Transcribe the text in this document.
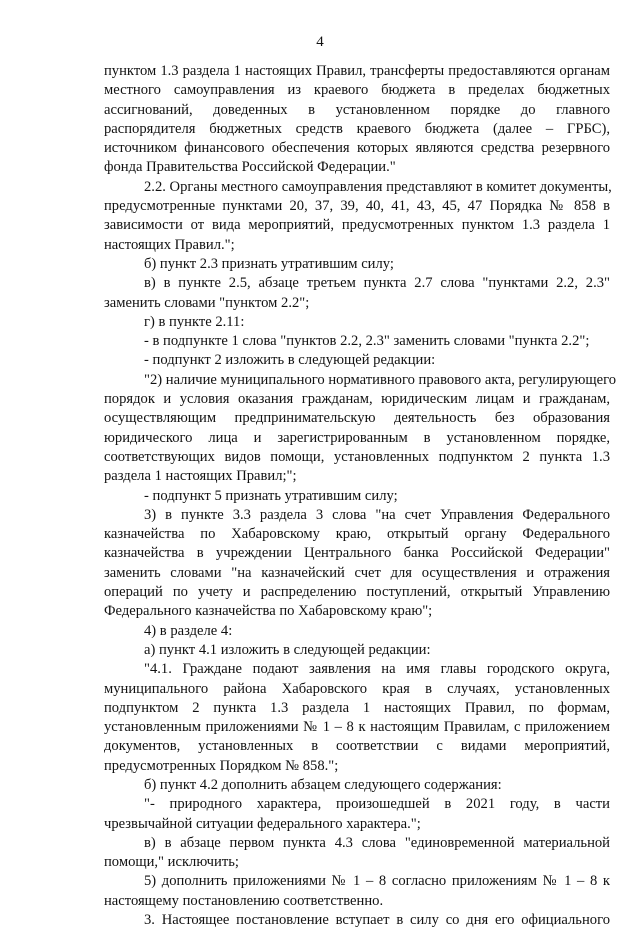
4
пунктом 1.3 раздела 1 настоящих Правил, трансферты предоставляются органам
местного самоуправления из краевого бюджета в пределах бюджетных
ассигнований, доведенных в установленном порядке до главного
распорядителя бюджетных средств краевого бюджета (далее – ГРБС),
источником финансового обеспечения которых являются средства резервного
фонда Правительства Российской Федерации."
2.2. Органы местного самоуправления представляют в комитет документы,
предусмотренные пунктами 20, 37, 39, 40, 41, 43, 45, 47 Порядка № 858 в
зависимости от вида мероприятий, предусмотренных пунктом 1.3 раздела 1
настоящих Правил.";
б) пункт 2.3 признать утратившим силу;
в) в пункте 2.5, абзаце третьем пункта 2.7 слова "пунктами 2.2, 2.3"
заменить словами "пунктом 2.2";
г) в пункте 2.11:
- в подпункте 1 слова "пунктов 2.2, 2.3" заменить словами "пункта 2.2";
- подпункт 2 изложить в следующей редакции:
"2) наличие муниципального нормативного правового акта, регулирующего
порядок и условия оказания гражданам, юридическим лицам и гражданам,
осуществляющим предпринимательскую деятельность без образования
юридического лица и зарегистрированным в установленном порядке,
соответствующих видов помощи, установленных подпунктом 2 пункта 1.3
раздела 1 настоящих Правил;";
- подпункт 5 признать утратившим силу;
3) в пункте 3.3 раздела 3 слова "на счет Управления Федерального
казначейства по Хабаровскому краю, открытый органу Федерального
казначейства в учреждении Центрального банка Российской Федерации"
заменить словами "на казначейский счет для осуществления и отражения
операций по учету и распределению поступлений, открытый Управлению
Федерального казначейства по Хабаровскому краю";
4) в разделе 4:
а) пункт 4.1 изложить в следующей редакции:
"4.1. Граждане подают заявления на имя главы городского округа,
муниципального района Хабаровского края в случаях, установленных
подпунктом 2 пункта 1.3 раздела 1 настоящих Правил, по формам,
установленным приложениями № 1 – 8 к настоящим Правилам, с приложением
документов, установленных в соответствии с видами мероприятий,
предусмотренных Порядком № 858.";
б) пункт 4.2 дополнить абзацем следующего содержания:
"- природного характера, произошедшей в 2021 году, в части
чрезвычайной ситуации федерального характера.";
в) в абзаце первом пункта 4.3 слова "единовременной материальной
помощи," исключить;
5) дополнить приложениями № 1 – 8 согласно приложениям № 1 – 8 к
настоящему постановлению соответственно.
3. Настоящее постановление вступает в силу со дня его официального
